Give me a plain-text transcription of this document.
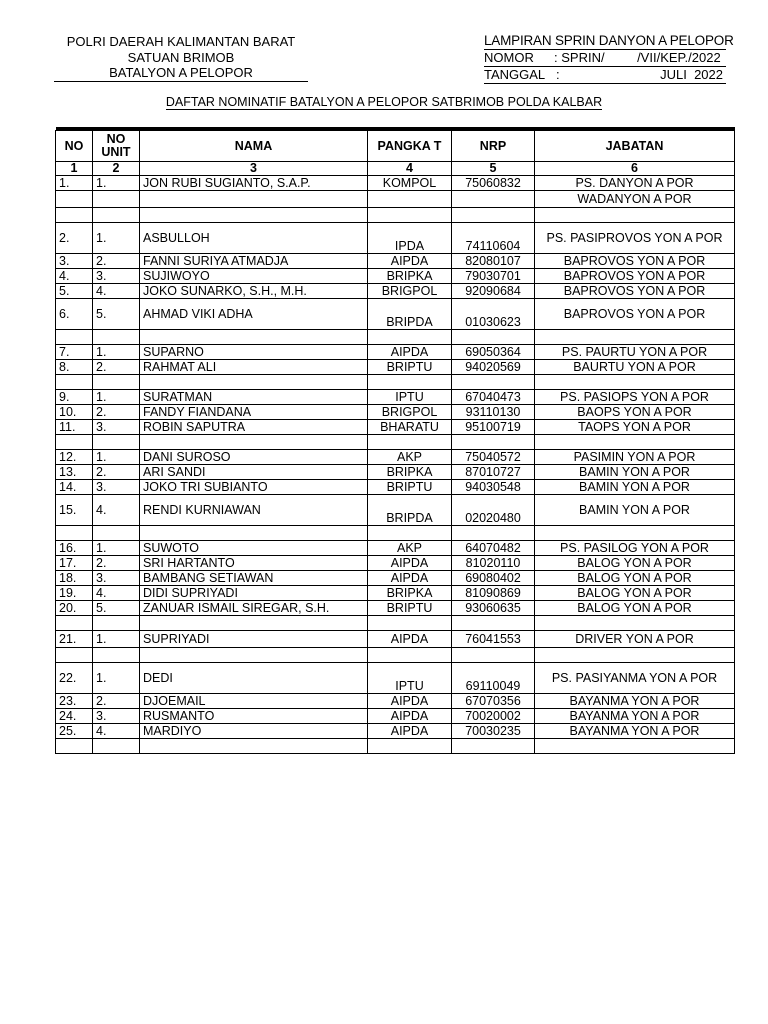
POLRI DAERAH KALIMANTAN BARAT
SATUAN BRIMOB
BATALYON A PELOPOR
LAMPIRAN SPRIN DANYON A PELOPOR

NOMOR

: SPRIN/         /VII/KEP./2022

TANGGAL

:

	JULI  2022

DAFTAR NOMINATIF BATALYON A PELOPOR SATBRIMOB POLDA KALBAR

NO	NO UNIT	NAMA	PANGKA T	NRP	JABATAN
1	2	3	4	5	6
1.	1.	JON RUBI SUGIANTO, S.A.P.	KOMPOL	75060832	PS. DANYON A POR
					WADANYON A POR

2.	1.	ASBULLOH	IPDA	74110604	PS. PASIPROVOS YON A POR
3.	2.	FANNI SURIYA ATMADJA	AIPDA	82080107	BAPROVOS YON A POR
4.	3.	SUJIWOYO	BRIPKA	79030701	BAPROVOS YON A POR
5.	4.	JOKO SUNARKO, S.H., M.H.	BRIGPOL	92090684	BAPROVOS YON A POR
6.	5.	AHMAD VIKI ADHA	BRIPDA	01030623	BAPROVOS YON A POR

7.	1.	SUPARNO	AIPDA	69050364	PS. PAURTU YON A POR
8.	2.	RAHMAT ALI	BRIPTU	94020569	BAURTU YON A POR

9.	1.	SURATMAN	IPTU	67040473	PS. PASIOPS YON A POR
10.	2.	FANDY FIANDANA	BRIGPOL	93110130	BAOPS YON A POR
11.	3.	ROBIN SAPUTRA	BHARATU	95100719	TAOPS YON A POR

12.	1.	DANI SUROSO	AKP	75040572	PASIMIN YON A POR
13.	2.	ARI SANDI	BRIPKA	87010727	BAMIN YON A POR
14.	3.	JOKO TRI SUBIANTO	BRIPTU	94030548	BAMIN YON A POR
15.	4.	RENDI KURNIAWAN	BRIPDA	02020480	BAMIN YON A POR

16.	1.	SUWOTO	AKP	64070482	PS. PASILOG YON A POR
17.	2.	SRI HARTANTO	AIPDA	81020110	BALOG YON A POR
18.	3.	BAMBANG SETIAWAN	AIPDA	69080402	BALOG YON A POR
19.	4.	DIDI SUPRIYADI	BRIPKA	81090869	BALOG YON A POR
20.	5.	ZANUAR ISMAIL SIREGAR, S.H.	BRIPTU	93060635	BALOG YON A POR

21.	1.	SUPRIYADI	AIPDA	76041553	DRIVER YON A POR

22.	1.	DEDI	IPTU	69110049	PS. PASIYANMA YON A POR
23.	2.	DJOEMAIL	AIPDA	67070356	BAYANMA YON A POR
24.	3.	RUSMANTO	AIPDA	70020002	BAYANMA YON A POR
25.	4.	MARDIYO	AIPDA	70030235	BAYANMA YON A POR
